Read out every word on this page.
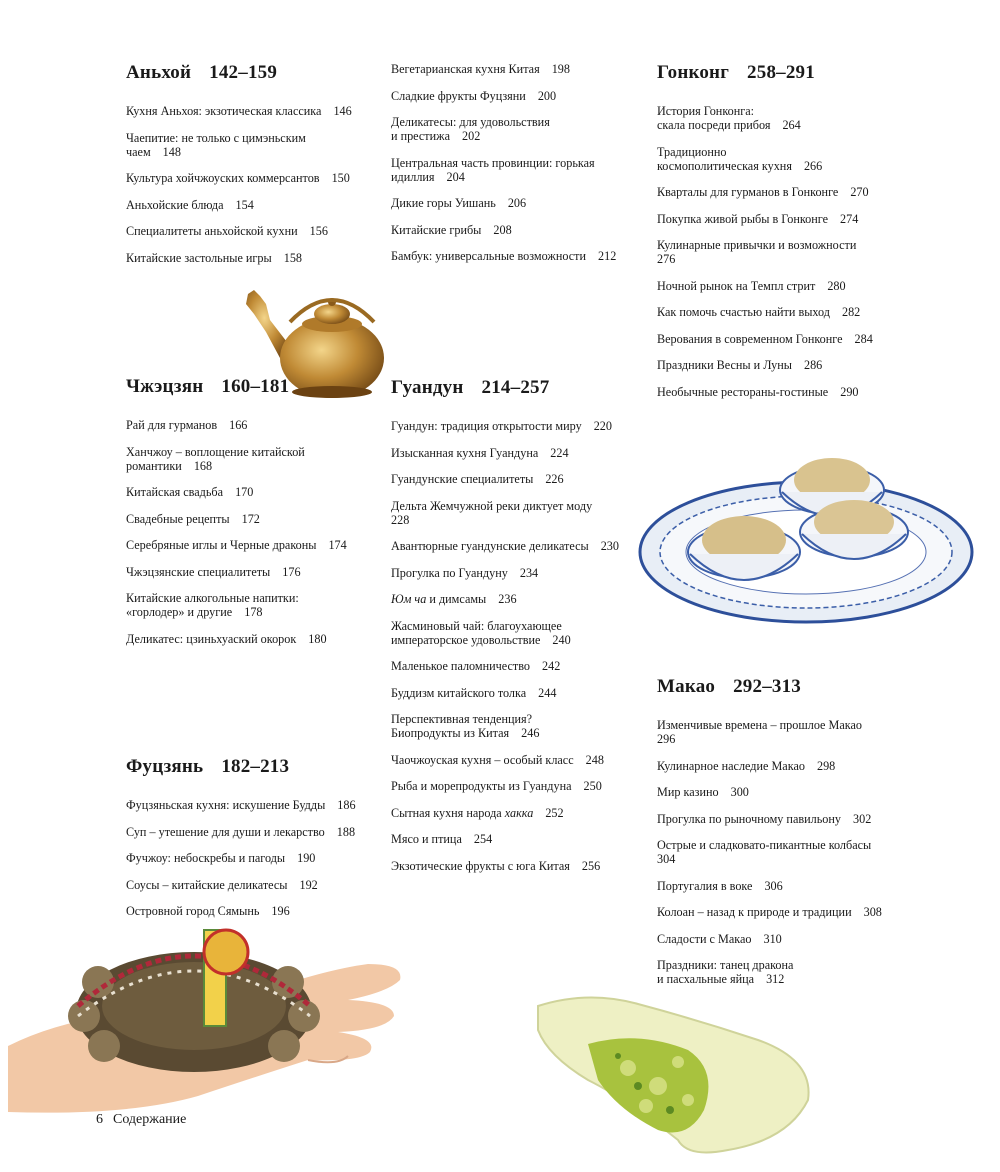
Аньхой 142–159
Кухня Аньхоя: экзотическая классика 146
Чаепитие: не только с цимэньским
чаем 148
Культура хойчжоуских коммерсантов 150
Аньхойские блюда 154
Специалитеты аньхойской кухни 156
Китайские застольные игры 158
Чжэцзян 160–181
Рай для гурманов 166
Ханчжоу – воплощение китайской
романтики 168
Китайская свадьба 170
Свадебные рецепты 172
Серебряные иглы и Черные драконы 174
Чжэцзянские специалитеты 176
Китайские алкогольные напитки:
«горлодер» и другие 178
Деликатес: цзиньхуаский окорок 180
Фуцзянь 182–213
Фуцзяньская кухня: искушение Будды 186
Суп – утешение для души и лекарство 188
Фучжоу: небоскребы и пагоды 190
Соусы – китайские деликатесы 192
Островной город Сямынь 196
Вегетарианская кухня Китая 198
Сладкие фрукты Фуцзяни 200
Деликатесы: для удовольствия
и престижа 202
Центральная часть провинции: горькая
идиллия 204
Дикие горы Уишань 206
Китайские грибы 208
Бамбук: универсальные возможности 212
Гуандун 214–257
Гуандун: традиция открытости миру 220
Изысканная кухня Гуандуна 224
Гуандунские специалитеты 226
Дельта Жемчужной реки диктует моду
228
Авантюрные гуандунские деликатесы 230
Прогулка по Гуандуну 234
Юм ча и димсамы 236
Жасминовый чай: благоухающее
императорское удовольствие 240
Маленькое паломничество 242
Буддизм китайского толка 244
Перспективная тенденция?
Биопродукты из Китая 246
Чаочжоуская кухня – особый класс 248
Рыба и морепродукты из Гуандуна 250
Сытная кухня народа хакка 252
Мясо и птица 254
Экзотические фрукты с юга Китая 256
Гонконг 258–291
История Гонконга:
скала посреди прибоя 264
Традиционно
космополитическая кухня 266
Кварталы для гурманов в Гонконге 270
Покупка живой рыбы в Гонконге 274
Кулинарные привычки и возможности
276
Ночной рынок на Темпл стрит 280
Как помочь счастью найти выход 282
Верования в современном Гонконге 284
Праздники Весны и Луны 286
Необычные рестораны-гостиные 290
Макао 292–313
Изменчивые времена – прошлое Макао
296
Кулинарное наследие Макао 298
Мир казино 300
Прогулка по рыночному павильону 302
Острые и сладковато-пикантные колбасы
304
Португалия в воке 306
Колоан – назад к природе и традиции 308
Сладости с Макао 310
Праздники: танец дракона
и пасхальные яйца 312
6 Содержание
